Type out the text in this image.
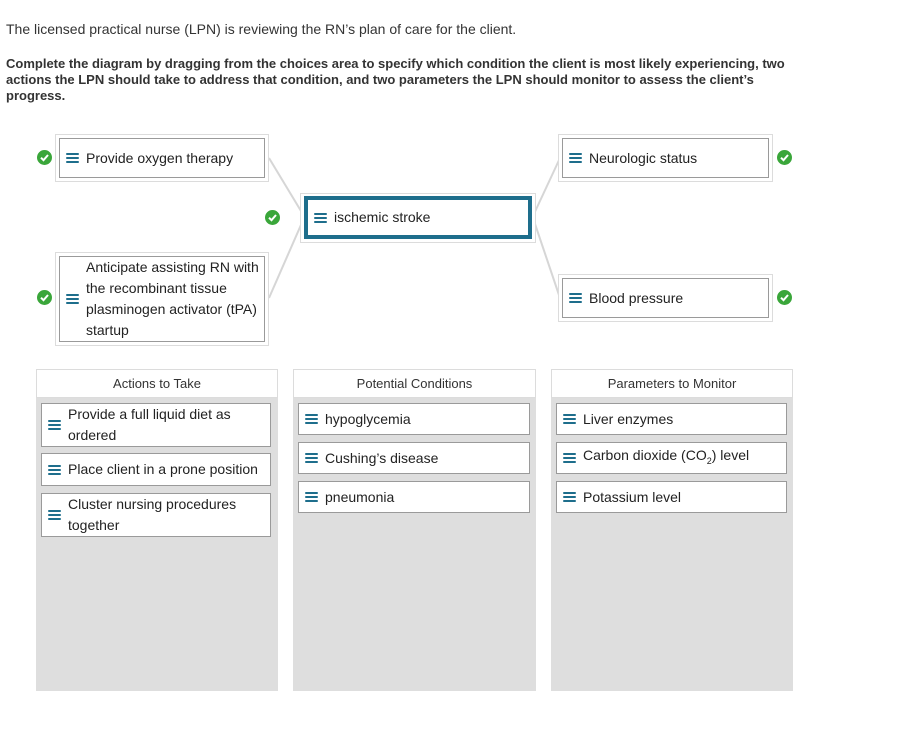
The licensed practical nurse (LPN) is reviewing the RN’s plan of care for the client.
Complete the diagram by dragging from the choices area to specify which condition the client is most likely experiencing, two actions the LPN should take to address that condition, and two parameters the LPN should monitor to assess the client’s progress.
Provide oxygen therapy
Anticipate assisting RN with the recombinant tissue plasminogen activator (tPA) startup
ischemic stroke
Neurologic status
Blood pressure
Actions to Take
Provide a full liquid diet as ordered
Place client in a prone position
Cluster nursing procedures together
Potential Conditions
hypoglycemia
Cushing’s disease
pneumonia
Parameters to Monitor
Liver enzymes
Carbon dioxide $(CO_2)$ level
Potassium level
